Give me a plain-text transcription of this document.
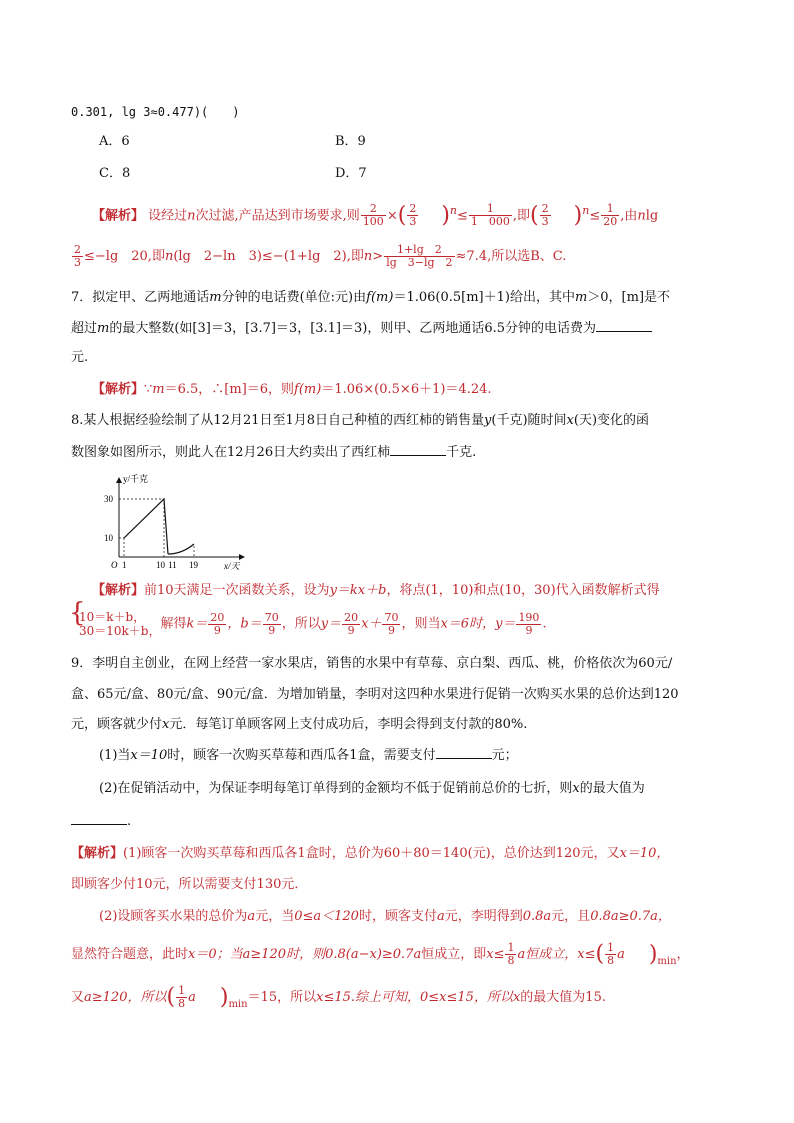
0.301, lg 3≈0.477)(　　)
A．6	B．9
C．8	D．7
【解析】 设经过n次过滤,产品达到市场要求,则 $\frac{2}{100}$ ×( $\frac{2}{3} )^n\le \frac{1}{1 000}$ ,即( $\frac{2}{3} )^n\le \frac{1}{20}$ ,由nlg
$\frac{2}{3} \le-\lg$　20,即n(lg　2−ln　3)≤−(1+lg　2),即$n> \frac{1+\lg 2}{\lg 3-\lg 2} \approx 7.4$,所以选B、C.
7．拟定甲、乙两地通话m分钟的电话费(单位:元)由f(m)＝1.06(0.5[m]＋1)给出，其中m＞0，[m]是不
超过m的最大整数(如[3]＝3，[3.7]＝3，[3.1]＝3)，则甲、乙两地通话6.5分钟的电话费为
元.
【解析】∵m＝6.5，∴[m]＝6，则f(m)＝1.06×(0.5×6＋1)＝4.24.
8.某人根据经验绘制了从12月21日至1月8日自己种植的西红柿的销售量y(千克)随时间x(天)变化的函
数图象如图所示，则此人在12月26日大约卖出了西红柿	千克.
y/千克
x/天
O
10
30
1	10 11 19
【解析】前10天满足一次函数关系，设为y＝kx＋b，将点(1，10)和点(10，30)代入函数解析式得
{
10＝k＋b，
30＝10k＋b， 解得$k= \frac{20}{9}$ ，$b= \frac{70}{9}$ ，所以$y= \frac{20}{9} x+ \frac{70}{9}$ ，则当x＝6时，$y= \frac{190}{9}$ .
9．李明自主创业，在网上经营一家水果店，销售的水果中有草莓、京白梨、西瓜、桃，价格依次为60元/
盒、65元/盒、80元/盒、90元/盒．为增加销量，李明对这四种水果进行促销一次购买水果的总价达到120
元，顾客就少付x元．每笔订单顾客网上支付成功后，李明会得到支付款的80%.
(1)当x＝10时，顾客一次购买草莓和西瓜各1盒，需要支付	元；
(2)在促销活动中，为保证李明每笔订单得到的金额均不低于促销前总价的七折，则x的最大值为
.
【解析】(1)顾客一次购买草莓和西瓜各1盒时，总价为60＋80＝140(元)，总价达到120元，又x＝10，
即顾客少付10元，所以需要支付130元．
(2)设顾客买水果的总价为a元，当0≤a＜120时，顾客支付a元，李明得到0.8a元，且0.8a≥0.7a，
显然符合题意，此时x＝0；当a≥120时，则0.8(a−x)≥0.7a恒成立，即$x\le \frac{1}{8}$ a恒成立，$x\le( \frac{1}{8}$ a )$_{min}$，
又a≥120，所以( $\frac{1}{8}$ a )$_{min}=15$，所以x≤15.综上可知，0≤x≤15，所以x的最大值为15.
